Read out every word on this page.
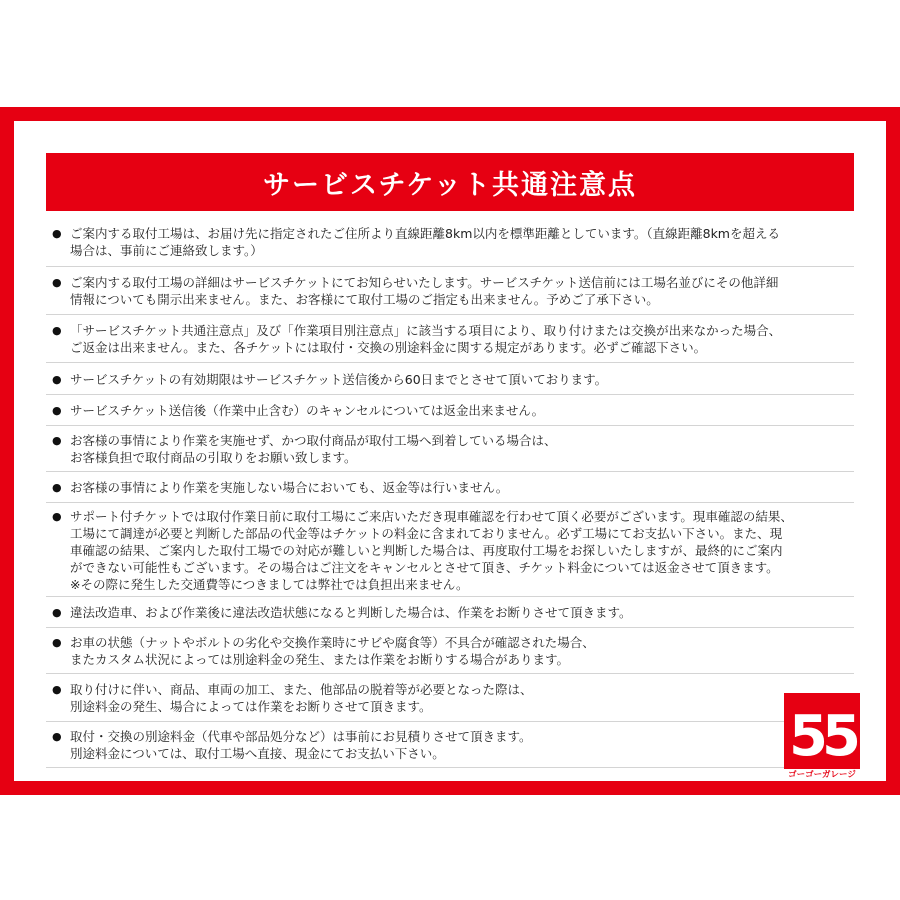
サービスチケット共通注意点
● ご案内する取付工場は、お届け先に指定されたご住所より直線距離8km以内を標準距離としています。（直線距離8kmを超える
場合は、事前にご連絡致します。）
● ご案内する取付工場の詳細はサービスチケットにてお知らせいたします。サービスチケット送信前には工場名並びにその他詳細
情報についても開示出来ません。また、お客様にて取付工場のご指定も出来ません。予めご了承下さい。
● 「サービスチケット共通注意点」及び「作業項目別注意点」に該当する項目により、取り付けまたは交換が出来なかった場合、
ご返金は出来ません。また、各チケットには取付・交換の別途料金に関する規定があります。必ずご確認下さい。
● サービスチケットの有効期限はサービスチケット送信後から60日までとさせて頂いております。
● サービスチケット送信後（作業中止含む）のキャンセルについては返金出来ません。
● お客様の事情により作業を実施せず、かつ取付商品が取付工場へ到着している場合は、
お客様負担で取付商品の引取りをお願い致します。
● お客様の事情により作業を実施しない場合においても、返金等は行いません。
● サポート付チケットでは取付作業日前に取付工場にご来店いただき現車確認を行わせて頂く必要がございます。現車確認の結果、
工場にて調達が必要と判断した部品の代金等はチケットの料金に含まれておりません。必ず工場にてお支払い下さい。また、現
車確認の結果、ご案内した取付工場での対応が難しいと判断した場合は、再度取付工場をお探しいたしますが、最終的にご案内
ができない可能性もございます。その場合はご注文をキャンセルとさせて頂き、チケット料金については返金させて頂きます。
※その際に発生した交通費等につきましては弊社では負担出来ません。
● 違法改造車、および作業後に違法改造状態になると判断した場合は、作業をお断りさせて頂きます。
● お車の状態（ナットやボルトの劣化や交換作業時にサビや腐食等）不具合が確認された場合、
またカスタム状況によっては別途料金の発生、または作業をお断りする場合があります。
● 取り付けに伴い、商品、車両の加工、また、他部品の脱着等が必要となった際は、
別途料金の発生、場合によっては作業をお断りさせて頂きます。
● 取付・交換の別途料金（代車や部品処分など）は事前にお見積りさせて頂きます。
別途料金については、取付工場へ直接、現金にてお支払い下さい。	55
ゴーゴーガレージ
